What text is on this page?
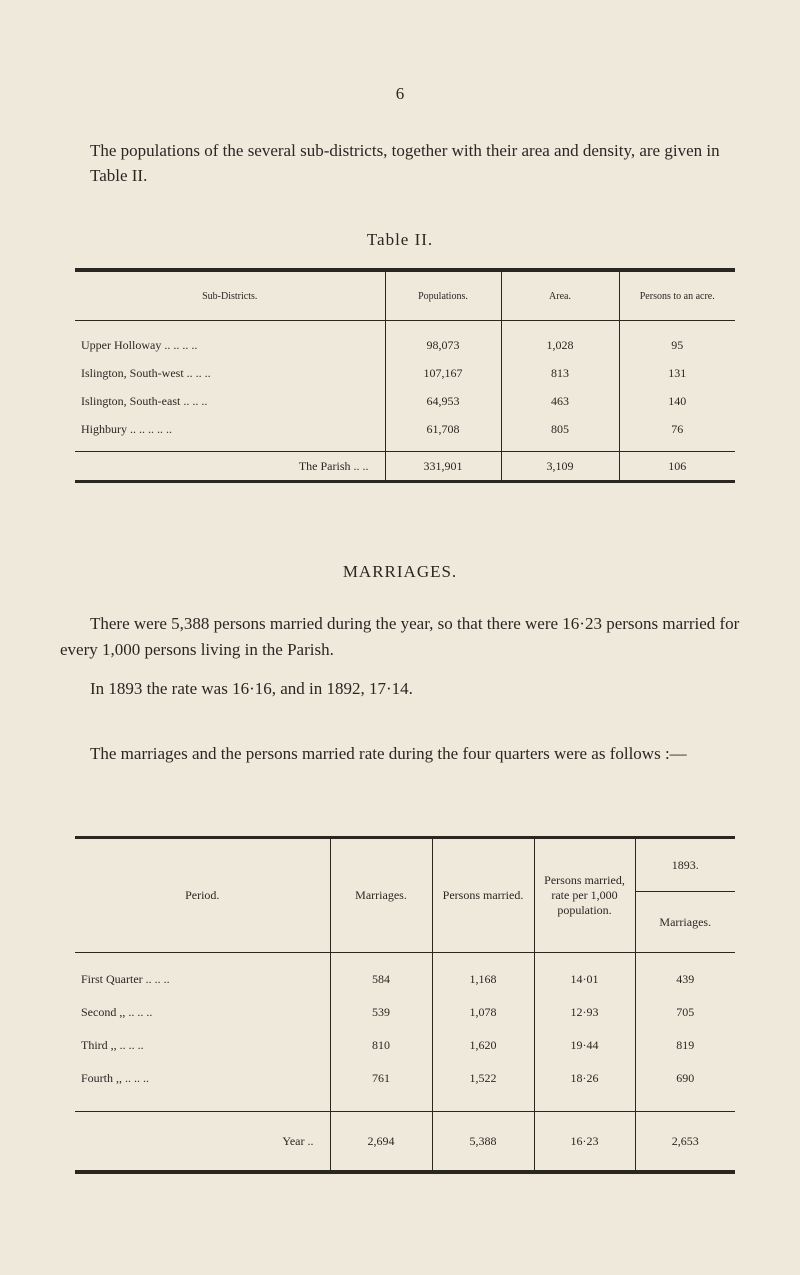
6

The populations of the several sub-districts, together with their area and density, are given in Table II.

Table II.
Sub-Districts.	Populations.	Area.	Persons to an acre.
Upper Holloway .. .. .. ..	98,073	1,028	95
Islington, South-west .. .. ..	107,167	813	131
Islington, South-east .. .. ..	64,953	463	140
Highbury .. .. .. .. ..	61,708	805	76
The Parish .. ..	331,901	3,109	106
MARRIAGES.

There were 5,388 persons married during the year, so that there were 16·23 persons married for every 1,000 persons living in the Parish.

In 1893 the rate was 16·16, and in 1892, 17·14.

The marriages and the persons married rate during the four quarters were as follows :—

Period.	Marriages.	Persons married.	Persons married, rate per 1,000 population.	1893.
				Marriages.
First Quarter .. .. ..	584	1,168	14·01	439
Second ,, .. .. ..	539	1,078	12·93	705
Third ,, .. .. ..	810	1,620	19·44	819
Fourth ,, .. .. ..	761	1,522	18·26	690
Year ..	2,694	5,388	16·23	2,653
